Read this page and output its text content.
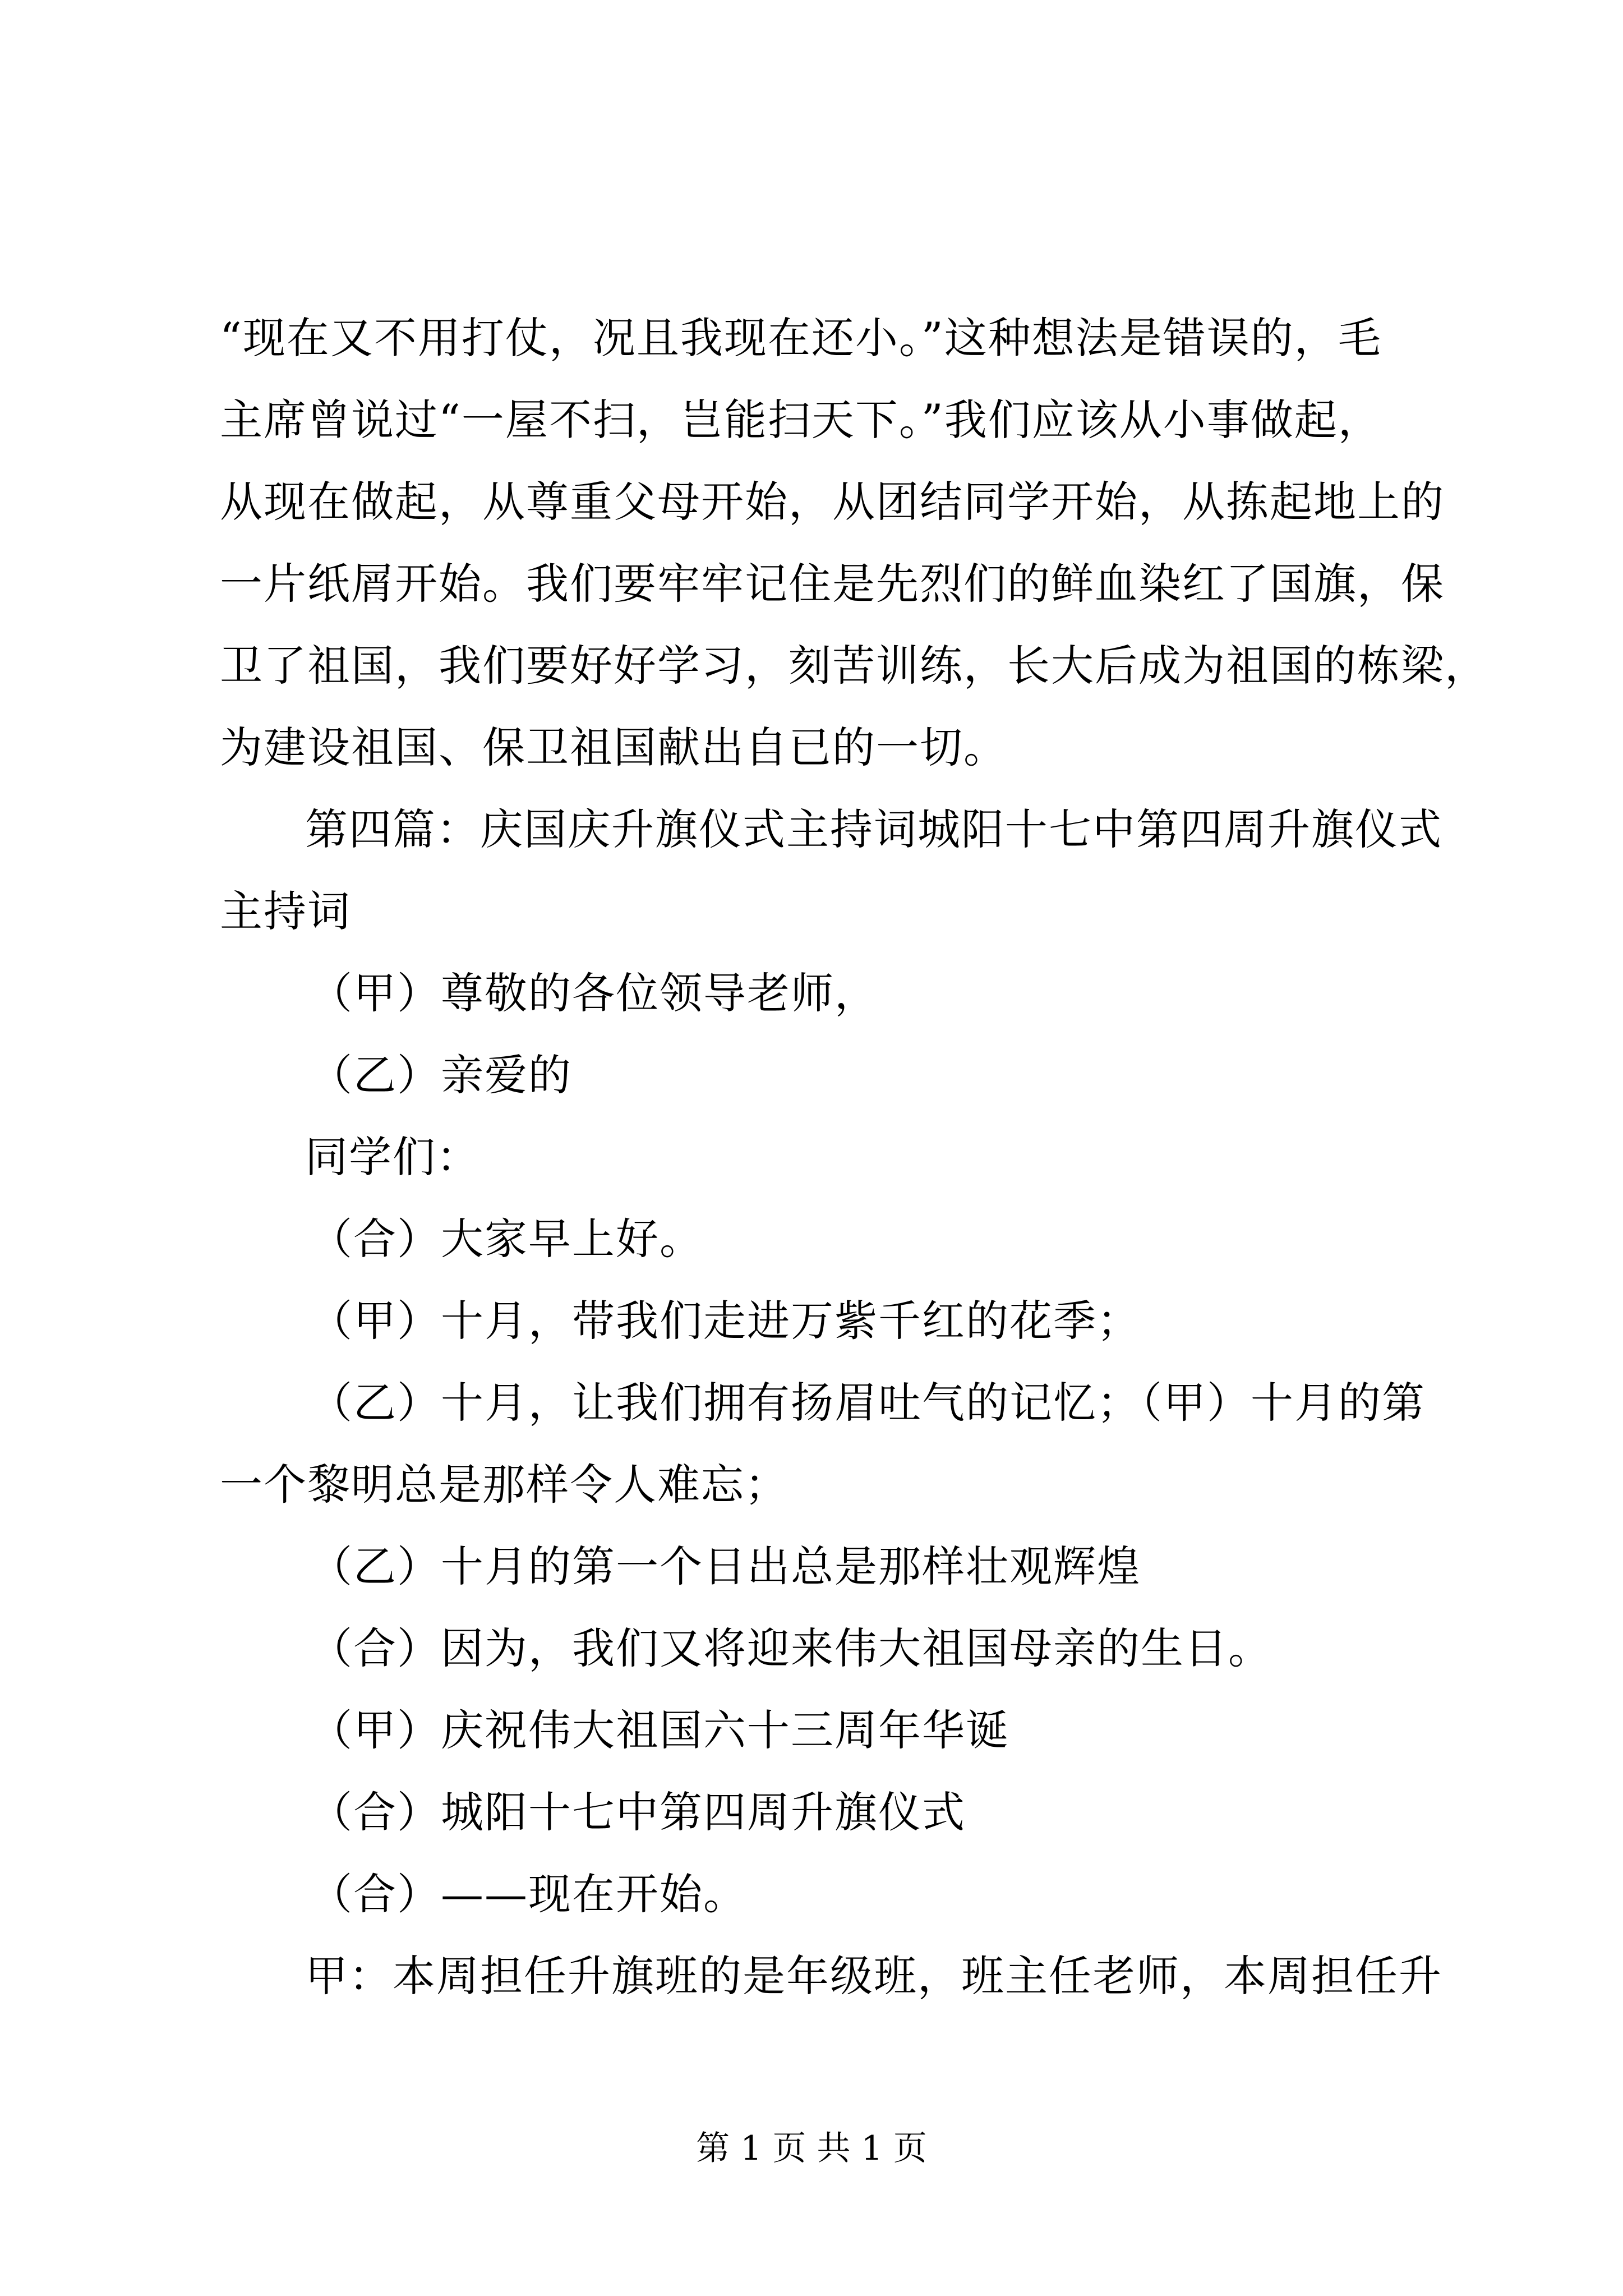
“现在又不用打仗，况且我现在还小。”这种想法是错误的，毛
主席曾说过“一屋不扫，岂能扫天下。”我们应该从小事做起，
从现在做起，从尊重父母开始，从团结同学开始，从拣起地上的
一片纸屑开始。我们要牢牢记住是先烈们的鲜血染红了国旗，保
卫了祖国，我们要好好学习，刻苦训练，长大后成为祖国的栋梁，
为建设祖国、保卫祖国献出自已的一切。
第四篇：庆国庆升旗仪式主持词城阳十七中第四周升旗仪式
主持词
（甲）尊敬的各位领导老师，
（乙）亲爱的
同学们：
（合）大家早上好。
（甲）十月，带我们走进万紫千红的花季；
（乙）十月，让我们拥有扬眉吐气的记忆；（甲）十月的第
一个黎明总是那样令人难忘；
（乙）十月的第一个日出总是那样壮观辉煌
（合）因为，我们又将迎来伟大祖国母亲的生日。
（甲）庆祝伟大祖国六十三周年华诞
（合）城阳十七中第四周升旗仪式
（合）——现在开始。
甲：本周担任升旗班的是年级班，班主任老师，本周担任升
第 1 页 共 1 页
